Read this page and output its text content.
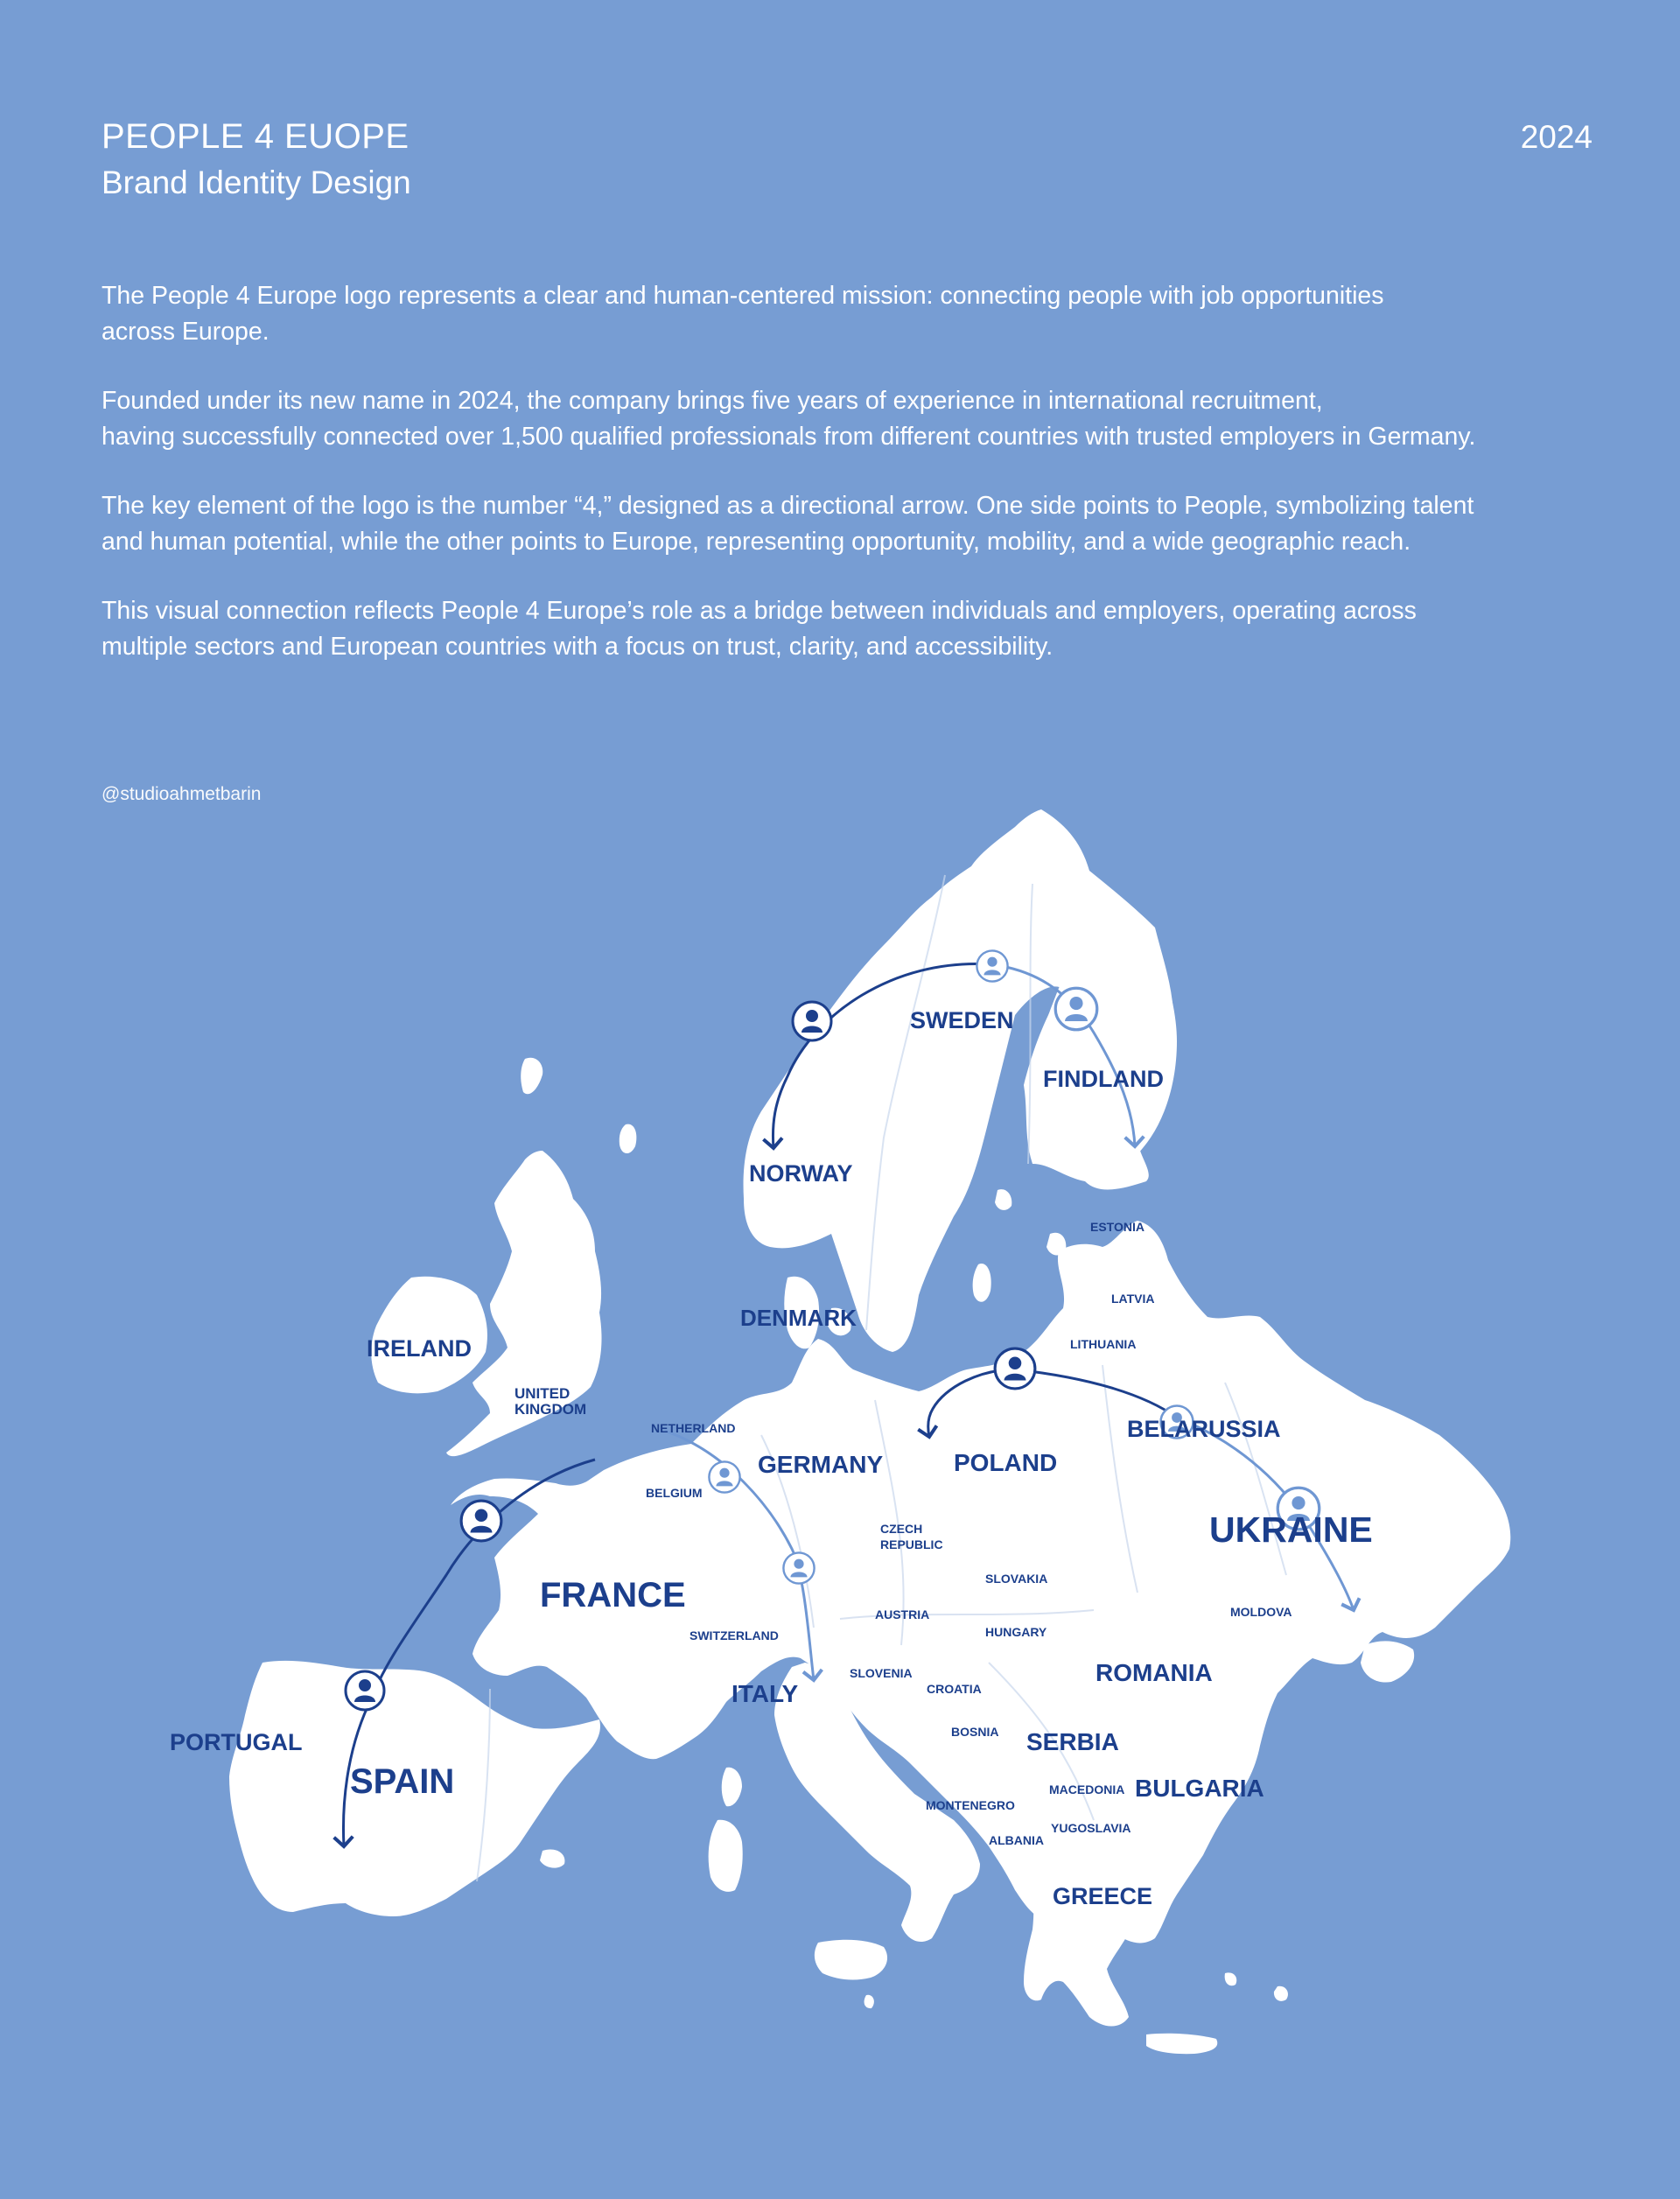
PEOPLE 4 EUOPE
Brand Identity Design
2024

The People 4 Europe logo represents a clear and human-centered mission: connecting people with job opportunities
across Europe.

Founded under its new name in 2024, the company brings five years of experience in international recruitment,
having successfully connected over 1,500 qualified professionals from different countries with trusted employers in Germany.

The key element of the logo is the number “4,” designed as a directional arrow. One side points to People, symbolizing talent
and human potential, while the other points to Europe, representing opportunity, mobility, and a wide geographic reach.

This visual connection reflects People 4 Europe’s role as a bridge between individuals and employers, operating across
multiple sectors and European countries with a focus on trust, clarity, and accessibility.

@studioahmetbarin
SWEDEN
FINDLAND
NORWAY
ESTONIA
LATVIA
LITHUANIA
DENMARK
IRELAND
UNITED KINGDOM
NETHERLAND
BELGIUM
GERMANY	POLAND
BELARUSSIA
UKRAINE
CZECH REPUBLIC
SLOVAKIA
FRANCE	AUSTRIA
HUNGARY
MOLDOVA
SWITZERLAND
ROMANIA
SLOVENIA
ITALY	CROATIA
PORTUGAL	BOSNIA SERBIA
SPAIN	MACEDONIA BULGARIA
MONTENEGRO
YUGOSLAVIA
ALBANIA
GREECE
